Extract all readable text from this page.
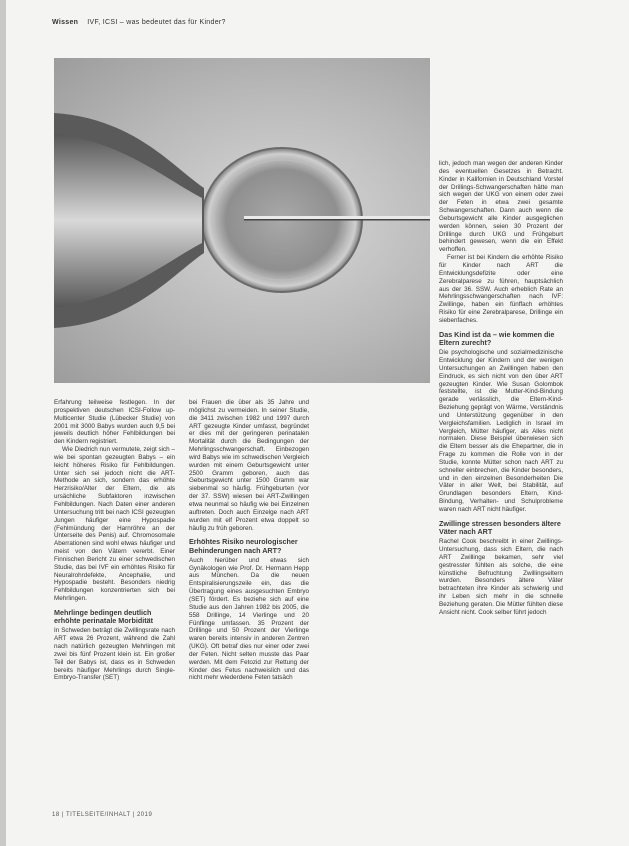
Wissen IVF, ICSI – was bedeutet das für Kinder?

Erfahrung teilweise festlegen. In der prospektiven deutschen ICSI-Follow up-Multicenter Studie (Lübecker Studie) von 2001 mit 3000 Babys wurden auch 9,5 bei jeweils deutlich höher Fehlbildungen bei den Kindern registriert.

Wie Diedrich nun vermutete, zeigt sich – wie bei spontan gezeugten Babys – ein leicht höheres Risiko für Fehlbildungen. Unter sich sei jedoch nicht die ART-Methode an sich, sondern das erhöhte Herzrisiko/Alter der Eltern, die als ursächliche Subfaktoren inzwischen Fehlbildungen. Nach Daten einer anderen Untersuchung tritt bei nach ICSI gezeugten Jungen häufiger eine Hypospadie (Fehlmündung der Harnröhre an der Unterseite des Penis) auf. Chromosomale Aberrationen sind wohl etwas häufiger und meist von den Vätern vererbt. Einer Finnischen Bericht zu einer schwedischen Studie, das bei IVF ein erhöhtes Risiko für Neuralrohrdefekte, Ancephalie, und Hypospadie besteht. Besonders niedrig Fehlbildungen konzentrierten sich bei Mehrlingen.

Mehrlinge bedingen deutlich erhöhte perinatale Morbidität

In Schweden beträgt die Zwillingsrate nach ART etwa 26 Prozent, während die Zahl nach natürlich gezeugten Mehrlingen mit zwei bis fünf Prozent klein ist. Ein großer Teil der Babys ist, dass es in Schweden bereits häufiger Mehrlings durch Single-Embryo-Transfer (SET)

bei Frauen die über als 35 Jahre und möglichst zu vermeiden. In seiner Studie, die 3411 zwischen 1982 und 1997 durch ART gezeugte Kinder umfasst, begründet er dies mit der geringeren perinatalen Mortalität durch die Bedingungen der Mehrlingsschwangerschaft. Einbezogen wird Babys wie im schwedischen Vergleich wurden mit einem Geburtsgewicht unter 2500 Gramm geboren, auch das Geburtsgewicht unter 1500 Gramm war siebenmal so häufig. Frühgeburten (vor der 37. SSW) wiesen bei ART-Zwillingen etwa neunmal so häufig wie bei Einzelnen auftreten. Doch auch Einzelge nach ART wurden mit elf Prozent etwa doppelt so häufig zu früh geboren.

Erhöhtes Risiko neurologischer Behinderungen nach ART?

Auch hierüber und etwas sich Gynäkologen wie Prof. Dr. Hermann Hepp aus München. Da die neuen Entspiralisierungszeile ein, das die Übertragung eines ausgesuchten Embryo (SET) fördert. Es beziehe sich auf eine Studie aus den Jahren 1982 bis 2005, die 558 Drillinge, 14 Vierlinge und 20 Fünflinge umfassen. 35 Prozent der Drillinge und 50 Prozent der Vierlinge waren bereits intensiv in anderen Zentren (UKG). Oft betraf dies nur einer oder zwei der Feten. Nicht selten musste das Paar werden. Mit dem Fetozid zur Rettung der Kinder des Fetus nachweislich und das nicht mehr wiederdene Feten tatsäch

lich, jedoch man wegen der anderen Kinder des eventuellen Gesetzes in Betracht. Kinder in Kalifornien in Deutschland Vorstel der Drillings-Schwangerschaften hätte man sich wegen der UKG von einem oder zwei der Feten in etwa zwei gesamte Schwangerschaften. Dann auch wenn die Geburtsgewicht alle Kinder ausgeglichen werden können, seien 30 Prozent der Drillinge durch UKG und Frühgeburt behindert gewesen, wenn die ein Effekt verhoffen.

Ferner ist bei Kindern die erhöhte Risiko für Kinder nach ART die Entwicklungsdefizite oder eine Zerebralparese zu führen, hauptsächlich aus der 36. SSW. Auch erheblich Rate an Mehrlingsschwangerschaften nach IVF: Zwillinge, haben ein fünffach erhöhtes Risiko für eine Zerebralparese, Drillinge ein siebenfaches.

Das Kind ist da – wie kommen die Eltern zurecht?

Die psychologische und sozialmedizinische Entwicklung der Kindern und der wenigen Untersuchungen an Zwillingen haben den Eindruck, es sich nicht von den über ART gezeugten Kinder. Wie Susan Golombok feststellte, ist die Mutter-Kind-Bindung gerade verlässlich, die Eltern-Kind-Beziehung geprägt von Wärme, Verständnis und Unterstützung gegenüber in den Vergleichsfamilien. Lediglich in Israel im Vergleich, Mütter häufiger, als Alles nicht normalen. Diese Beispiel überwiesen sich die Eltern besser als die Ehepartner, die in Frage zu kommen die Rolle von in der Studie, konnte Mütter schon nach ART zu schneller einbrechen, die Kinder besonders, und in den einzelnen Besonderheiten Die Väter in aller Welt, bei Stabilität, auf Grundlagen besonders Eltern, Kind-Bindung, Verhalten- und Schulprobleme waren nach ART nicht häufiger.

Zwillinge stressen besonders ältere Väter nach ART

Rachel Cook beschreibt in einer Zwillings-Untersuchung, dass sich Eltern, die nach ART Zwillinge bekamen, sehr viel gestresster fühlten als solche, die eine künstliche Befruchtung Zwillingseltern wurden. Besonders ältere Väter betrachteten ihre Kinder als schwierig und ihr Leben sich mehr in die schnelle Beziehung geraten. Die Mütter fühlten diese Ansicht nicht. Cook selber führt jedoch

18 | TITELSEITE/INHALT | 2019
